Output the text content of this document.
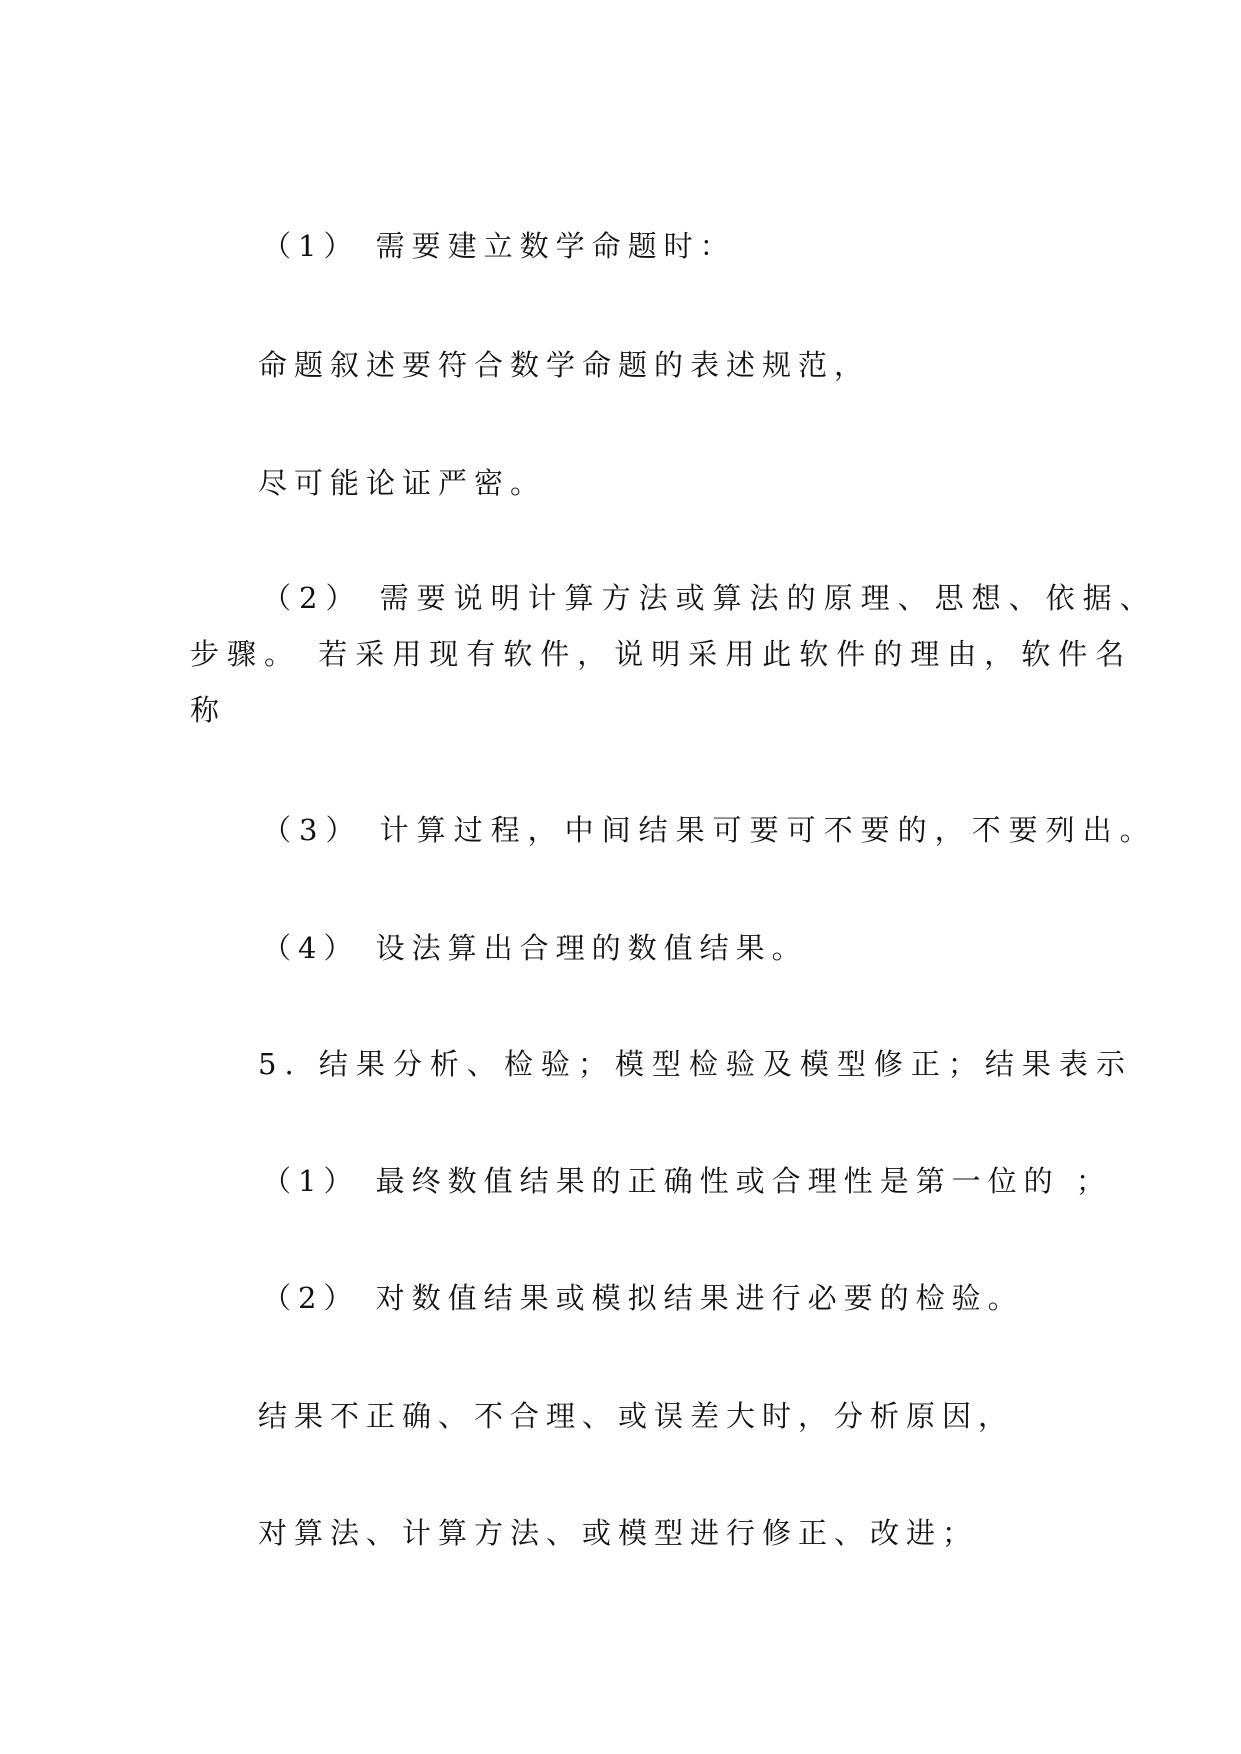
（1） 需要建立数学命题时：
命题叙述要符合数学命题的表述规范，
尽可能论证严密。
（2） 需要说明计算方法或算法的原理、思想、依据、
步骤。 若采用现有软件，说明采用此软件的理由，软件名
称
（3） 计算过程，中间结果可要可不要的，不要列出。
（4） 设法算出合理的数值结果。
5. 结果分析、检验；模型检验及模型修正；结果表示
（1） 最终数值结果的正确性或合理性是第一位的 ；
（2） 对数值结果或模拟结果进行必要的检验。
结果不正确、不合理、或误差大时，分析原因，
对算法、计算方法、或模型进行修正、改进；
